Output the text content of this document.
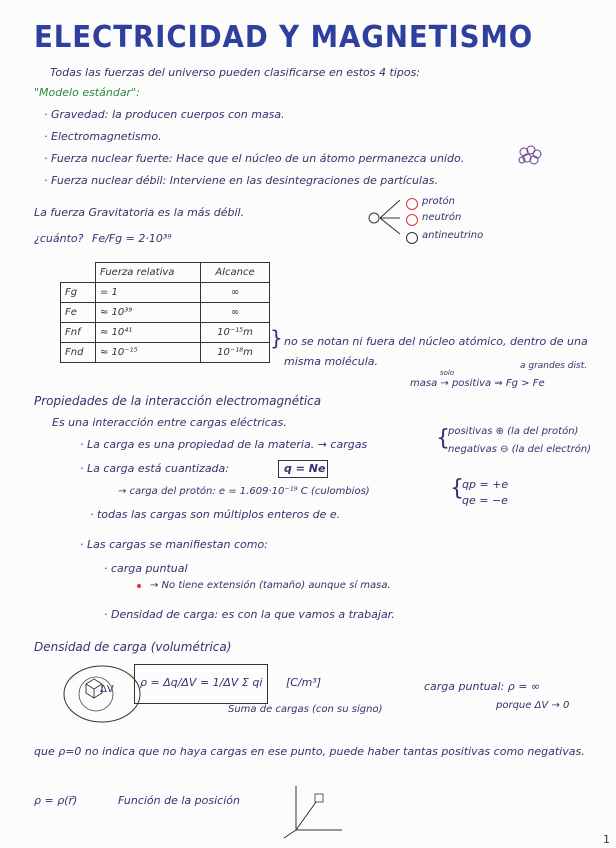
ELECTRICIDAD Y MAGNETISMO
Todas las fuerzas del universo pueden clasificarse en estos 4 tipos:
"Modelo estándar":
· Gravedad: la producen cuerpos con masa.
· Electromagnetismo.
· Fuerza nuclear fuerte: Hace que el núcleo de un átomo permanezca unido.
· Fuerza nuclear débil: Interviene en las desintegraciones de partículas.
La fuerza Gravitatoria es la más débil.
¿cuánto? Fe/Fg = 2·10³⁹
protón
neutrón
antineutrino
	Fuerza relativa	Alcance
Fg	= 1	∞
Fe	≈ 10³⁹	∞
Fnf	≈ 10⁴¹	10⁻¹⁵m
Fnd	≈ 10⁻¹⁵	10⁻¹⁸m
} no se notan ni fuera del núcleo atómico, dentro de una misma molécula.
solo
a grandes dist.
masa → positiva ⇒ Fg > Fe
Propiedades de la interacción electromagnética
Es una interacción entre cargas eléctricas.
· La carga es una propiedad de la materia. → cargas	{
positivas ⊕ (la del protón)
negativas ⊖ (la del electrón)
· La carga está cuantizada:	q = Ne
→ carga del protón: e = 1.609·10⁻¹⁹ C (culombios)	{
qp = +e
qe = −e
· todas las cargas son múltiplos enteros de e.
· Las cargas se manifiestan como:
· carga puntual
→ No tiene extensión (tamaño) aunque sí masa.
· Densidad de carga: es con la que vamos a trabajar.
Densidad de carga (volumétrica)
ΔV
ρ = Δq/ΔV = 1/ΔV Σ qi [C/m³]
Suma de cargas (con su signo)
carga puntual: ρ = ∞
porque ΔV → 0
que ρ=0 no indica que no haya cargas en ese punto, puede haber tantas positivas como negativas.
ρ = ρ(r⃗)	Función de la posición
1
